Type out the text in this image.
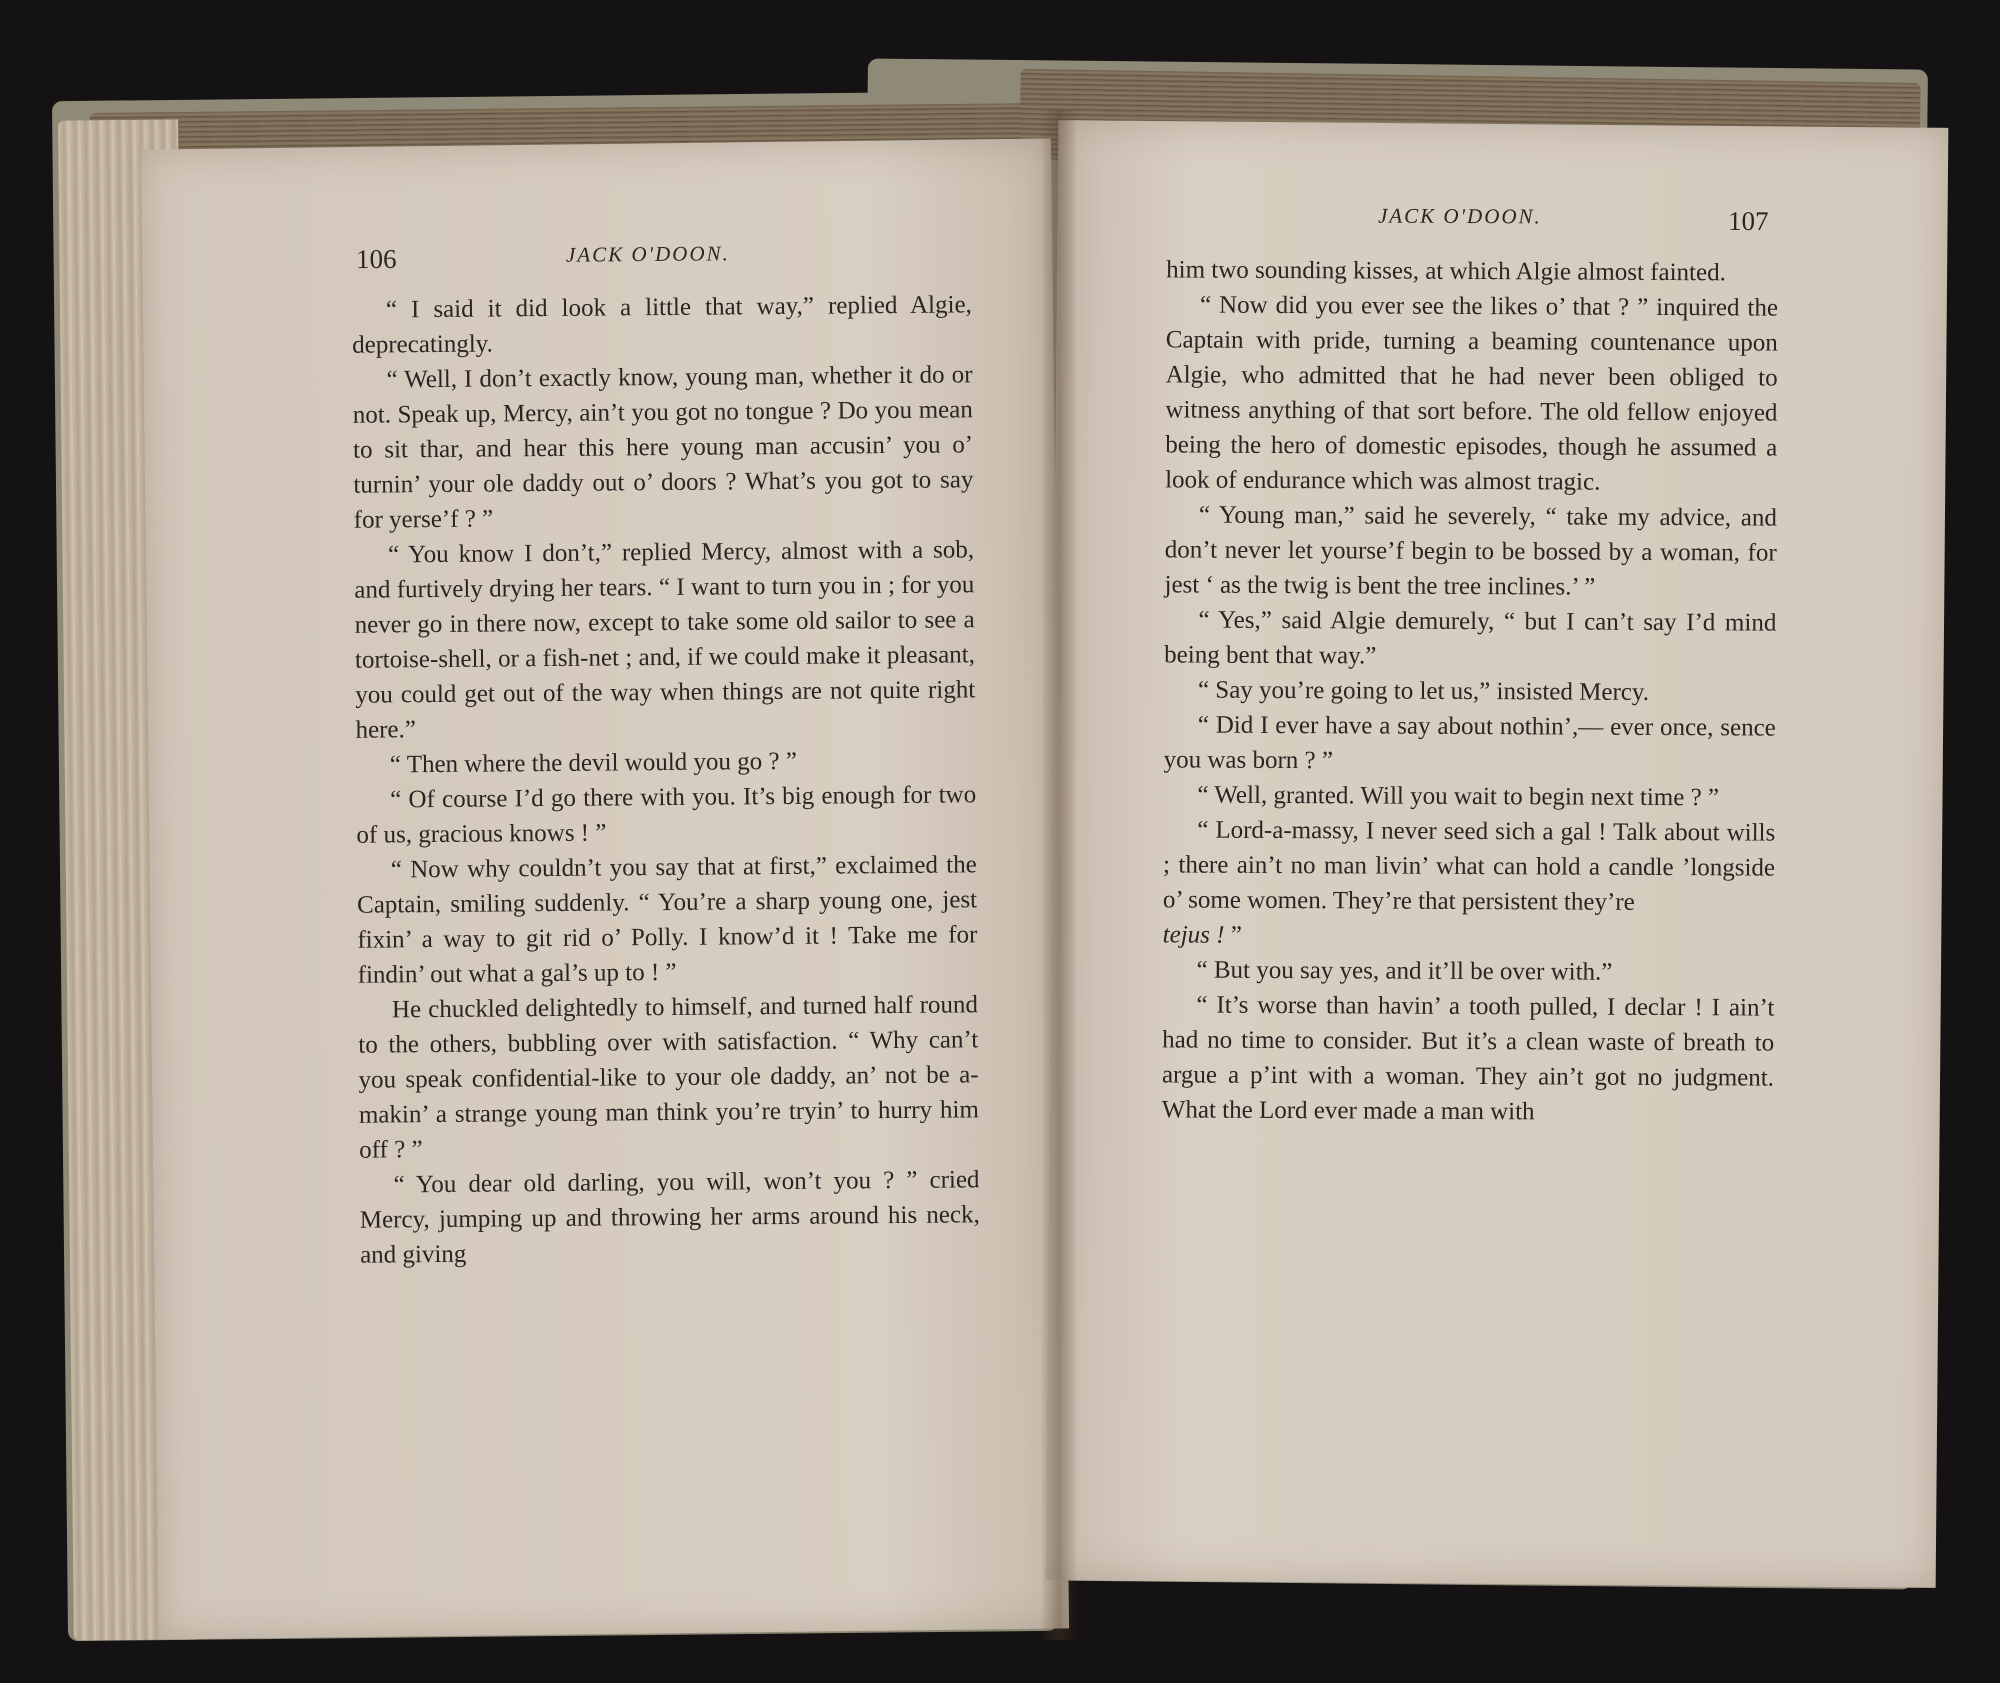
106	JACK O'DOON.

“ I said it did look a little that way,” replied Algie, deprecatingly.

“ Well, I don’t exactly know, young man, whether it do or not. Speak up, Mercy, ain’t you got no tongue ? Do you mean to sit thar, and hear this here young man accusin’ you o’ turnin’ your ole daddy out o’ doors ? What’s you got to say for yerse’f ? ”

“ You know I don’t,” replied Mercy, almost with a sob, and furtively drying her tears. “ I want to turn you in ; for you never go in there now, except to take some old sailor to see a tortoise-shell, or a fish-net ; and, if we could make it pleasant, you could get out of the way when things are not quite right here.”

“ Then where the devil would you go ? ”

“ Of course I’d go there with you. It’s big enough for two of us, gracious knows ! ”

“ Now why couldn’t you say that at first,” exclaimed the Captain, smiling suddenly. “ You’re a sharp young one, jest fixin’ a way to git rid o’ Polly. I know’d it ! Take me for findin’ out what a gal’s up to ! ”

He chuckled delightedly to himself, and turned half round to the others, bubbling over with satisfaction. “ Why can’t you speak confidential-like to your ole daddy, an’ not be a-makin’ a strange young man think you’re tryin’ to hurry him off ? ”

“ You dear old darling, you will, won’t you ? ” cried Mercy, jumping up and throwing her arms around his neck, and giving

JACK O'DOON.	107

him two sounding kisses, at which Algie almost fainted.

“ Now did you ever see the likes o’ that ? ” inquired the Captain with pride, turning a beaming countenance upon Algie, who admitted that he had never been obliged to witness anything of that sort before. The old fellow enjoyed being the hero of domestic episodes, though he assumed a look of endurance which was almost tragic.

“ Young man,” said he severely, “ take my advice, and don’t never let yourse’f begin to be bossed by a woman, for jest ‘ as the twig is bent the tree inclines.’ ”

“ Yes,” said Algie demurely, “ but I can’t say I’d mind being bent that way.”

“ Say you’re going to let us,” insisted Mercy.

“ Did I ever have a say about nothin’,— ever once, sence you was born ? ”

“ Well, granted. Will you wait to begin next time ? ”

“ Lord-a-massy, I never seed sich a gal ! Talk about wills ; there ain’t no man livin’ what can hold a candle ’longside o’ some women. They’re that persistent they’re
tejus ! ”

“ But you say yes, and it’ll be over with.”

“ It’s worse than havin’ a tooth pulled, I declar ! I ain’t had no time to consider. But it’s a clean waste of breath to argue a p’int with a woman. They ain’t got no judgment. What the Lord ever made a man with
